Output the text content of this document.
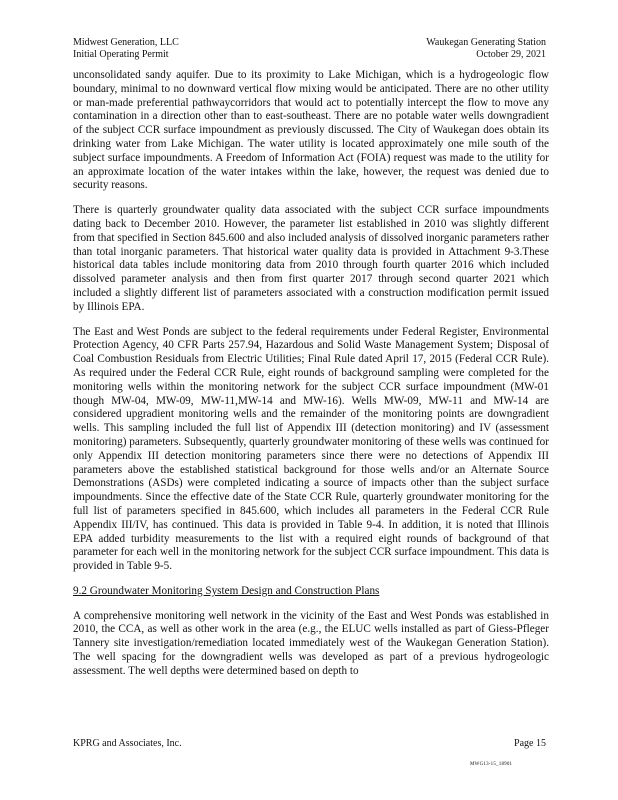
Midwest Generation, LLC
Initial Operating Permit
Waukegan Generating Station
October 29, 2021

unconsolidated sandy aquifer. Due to its proximity to Lake Michigan, which is a hydrogeologic flow boundary, minimal to no downward vertical flow mixing would be anticipated. There are no other utility or man-made preferential pathwaycorridors that would act to potentially intercept the flow to move any contamination in a direction other than to east-southeast. There are no potable water wells downgradient of the subject CCR surface impoundment as previously discussed. The City of Waukegan does obtain its drinking water from Lake Michigan. The water utility is located approximately one mile south of the subject surface impoundments. A Freedom of Information Act (FOIA) request was made to the utility for an approximate location of the water intakes within the lake, however, the request was denied due to security reasons.

There is quarterly groundwater quality data associated with the subject CCR surface impoundments dating back to December 2010. However, the parameter list established in 2010 was slightly different from that specified in Section 845.600 and also included analysis of dissolved inorganic parameters rather than total inorganic parameters. That historical water quality data is provided in Attachment 9-3.These historical data tables include monitoring data from 2010 through fourth quarter 2016 which included dissolved parameter analysis and then from first quarter 2017 through second quarter 2021 which included a slightly different list of parameters associated with a construction modification permit issued by Illinois EPA.

The East and West Ponds are subject to the federal requirements under Federal Register, Environmental Protection Agency, 40 CFR Parts 257.94, Hazardous and Solid Waste Management System; Disposal of Coal Combustion Residuals from Electric Utilities; Final Rule dated April 17, 2015 (Federal CCR Rule). As required under the Federal CCR Rule, eight rounds of background sampling were completed for the monitoring wells within the monitoring network for the subject CCR surface impoundment (MW-01 though MW-04, MW-09, MW-11,MW-14 and MW-16). Wells MW-09, MW-11 and MW-14 are considered upgradient monitoring wells and the remainder of the monitoring points are downgradient wells. This sampling included the full list of Appendix III (detection monitoring) and IV (assessment monitoring) parameters. Subsequently, quarterly groundwater monitoring of these wells was continued for only Appendix III detection monitoring parameters since there were no detections of Appendix III parameters above the established statistical background for those wells and/or an Alternate Source Demonstrations (ASDs) were completed indicating a source of impacts other than the subject surface impoundments. Since the effective date of the State CCR Rule, quarterly groundwater monitoring for the full list of parameters specified in 845.600, which includes all parameters in the Federal CCR Rule Appendix III/IV, has continued. This data is provided in Table 9-4. In addition, it is noted that Illinois EPA added turbidity measurements to the list with a required eight rounds of background of that parameter for each well in the monitoring network for the subject CCR surface impoundment. This data is provided in Table 9-5.

9.2 Groundwater Monitoring System Design and Construction Plans

A comprehensive monitoring well network in the vicinity of the East and West Ponds was established in 2010, the CCA, as well as other work in the area (e.g., the ELUC wells installed as part of Giess-Pfleger Tannery site investigation/remediation located immediately west of the Waukegan Generation Station). The well spacing for the downgradient wells was developed as part of a previous hydrogeologic assessment. The well depths were determined based on depth to

KPRG and Associates, Inc.	Page 15
MWG13-15_18901
